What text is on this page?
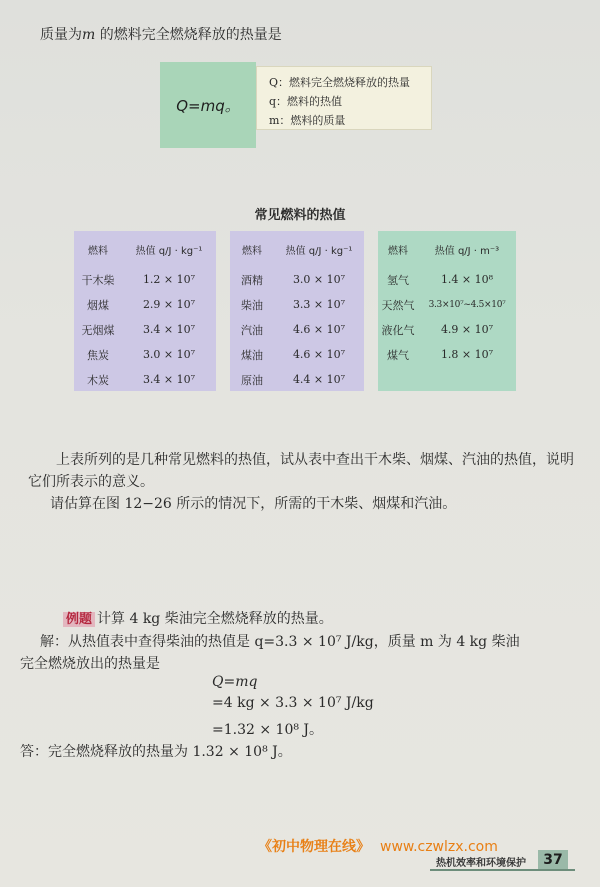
质量为m 的燃料完全燃烧释放的热量是
Q=mq。
Q：燃料完全燃烧释放的热量
q：燃料的热值
m：燃料的质量
常见燃料的热值
燃料	热值 q/J · kg⁻¹
干木柴	1.2 × 10⁷
烟煤	2.9 × 10⁷
无烟煤	3.4 × 10⁷
焦炭	3.0 × 10⁷
木炭	3.4 × 10⁷
燃料	热值 q/J · kg⁻¹
酒精	3.0 × 10⁷
柴油	3.3 × 10⁷
汽油	4.6 × 10⁷
煤油	4.6 × 10⁷
原油	4.4 × 10⁷
燃料	热值 q/J · m⁻³
氢气	1.4 × 10⁸
天然气	3.3×10⁷~4.5×10⁷
液化气	4.9 × 10⁷
煤气	1.8 × 10⁷
上表所列的是几种常见燃料的热值，试从表中查出干木柴、烟煤、汽油的热值，说明它们所表示的意义。
请估算在图 12−26 所示的情况下，所需的干木柴、烟煤和汽油。
例题 计算 4 kg 柴油完全燃烧释放的热量。
解：从热值表中查得柴油的热值是 q=3.3 × 10⁷ J/kg，质量 m 为 4 kg 柴油
完全燃烧放出的热量是
Q=mq
=4 kg × 3.3 × 10⁷ J/kg
=1.32 × 10⁸ J。
答：完全燃烧释放的热量为 1.32 × 10⁸ J。
《初中物理在线》 www.czwlzx.com
热机效率和环境保护	37
